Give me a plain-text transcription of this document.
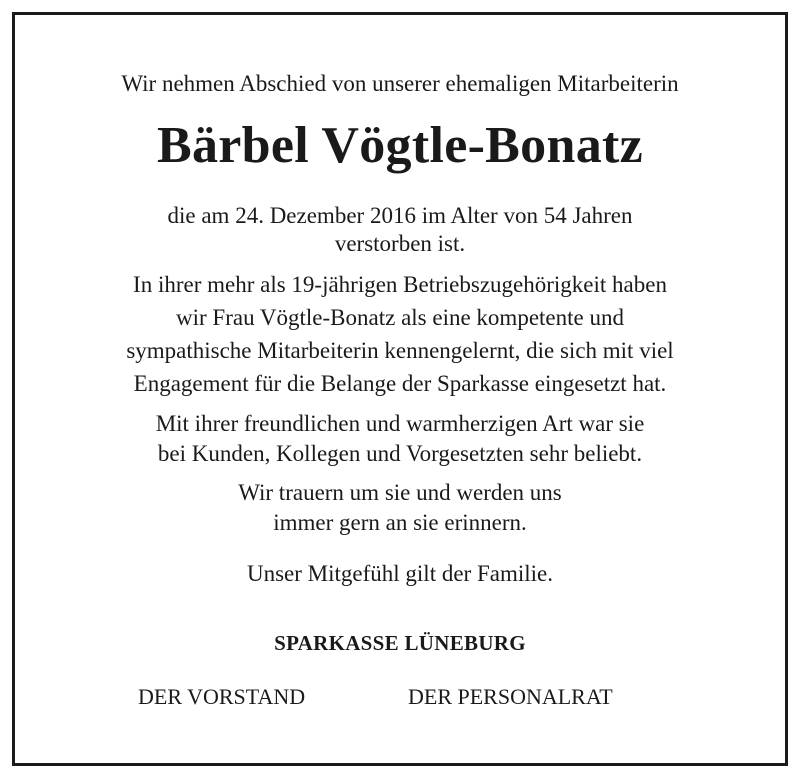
Wir nehmen Abschied von unserer ehemaligen Mitarbeiterin
Bärbel Vögtle-Bonatz
die am 24. Dezember 2016 im Alter von 54 Jahren
verstorben ist.
In ihrer mehr als 19-jährigen Betriebszugehörigkeit haben
wir Frau Vögtle-Bonatz als eine kompetente und
sympathische Mitarbeiterin kennengelernt, die sich mit viel
Engagement für die Belange der Sparkasse eingesetzt hat.
Mit ihrer freundlichen und warmherzigen Art war sie
bei Kunden, Kollegen und Vorgesetzten sehr beliebt.
Wir trauern um sie und werden uns
immer gern an sie erinnern.
Unser Mitgefühl gilt der Familie.
SPARKASSE LÜNEBURG
DER VORSTAND	DER PERSONALRAT
